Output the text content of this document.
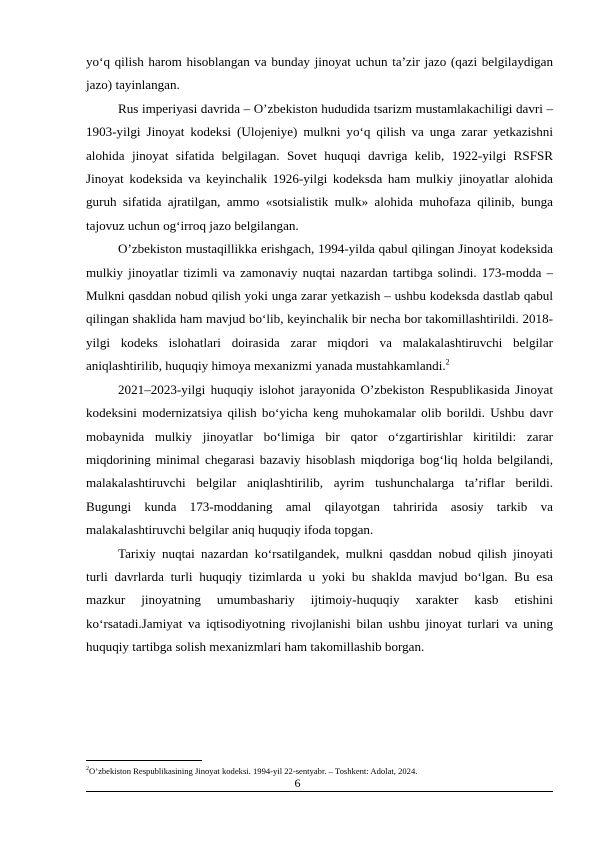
yo‘q qilish harom hisoblangan va bunday jinoyat uchun ta’zir jazo (qazi belgilaydigan jazo) tayinlangan.

Rus imperiyasi davrida – O’zbekiston hududida tsarizm mustamlakachiligi davri – 1903-yilgi Jinoyat kodeksi (Ulojeniye) mulkni yo‘q qilish va unga zarar yetkazishni alohida jinoyat sifatida belgilagan. Sovet huquqi davriga kelib, 1922-yilgi RSFSR Jinoyat kodeksida va keyinchalik 1926-yilgi kodeksda ham mulkiy jinoyatlar alohida guruh sifatida ajratilgan, ammo «sotsialistik mulk» alohida muhofaza qilinib, bunga tajovuz uchun og‘irroq jazo belgilangan.

O’zbekiston mustaqillikka erishgach, 1994-yilda qabul qilingan Jinoyat kodeksida mulkiy jinoyatlar tizimli va zamonaviy nuqtai nazardan tartibga solindi. 173-modda – Mulkni qasddan nobud qilish yoki unga zarar yetkazish – ushbu kodeksda dastlab qabul qilingan shaklida ham mavjud bo‘lib, keyinchalik bir necha bor takomillashtirildi. 2018-yilgi kodeks islohatlari doirasida zarar miqdori va malakalashtiruvchi belgilar aniqlashtirilib, huquqiy himoya mexanizmi yanada mustahkamlandi.$^2$

2021–2023-yilgi huquqiy islohot jarayonida O’zbekiston Respublikasida Jinoyat kodeksini modernizatsiya qilish bo‘yicha keng muhokamalar olib borildi. Ushbu davr mobaynida mulkiy jinoyatlar bo‘limiga bir qator o‘zgartirishlar kiritildi: zarar miqdorining minimal chegarasi bazaviy hisoblash miqdoriga bog‘liq holda belgilandi, malakalashtiruvchi belgilar aniqlashtirilib, ayrim tushunchalarga ta’riflar berildi. Bugungi kunda 173-moddaning amal qilayotgan tahririda asosiy tarkib va malakalashtiruvchi belgilar aniq huquqiy ifoda topgan.

Tarixiy nuqtai nazardan ko‘rsatilgandek, mulkni qasddan nobud qilish jinoyati turli davrlarda turli huquqiy tizimlarda u yoki bu shaklda mavjud bo‘lgan. Bu esa mazkur jinoyatning umumbashariy ijtimoiy-huquqiy xarakter kasb etishini ko‘rsatadi.Jamiyat va iqtisodiyotning rivojlanishi bilan ushbu jinoyat turlari va uning huquqiy tartibga solish mexanizmlari ham takomillashib borgan.

$^2$O’zbekiston Respublikasining Jinoyat kodeksi. 1994-yil 22-sentyabr. – Toshkent: Adolat, 2024.

6
